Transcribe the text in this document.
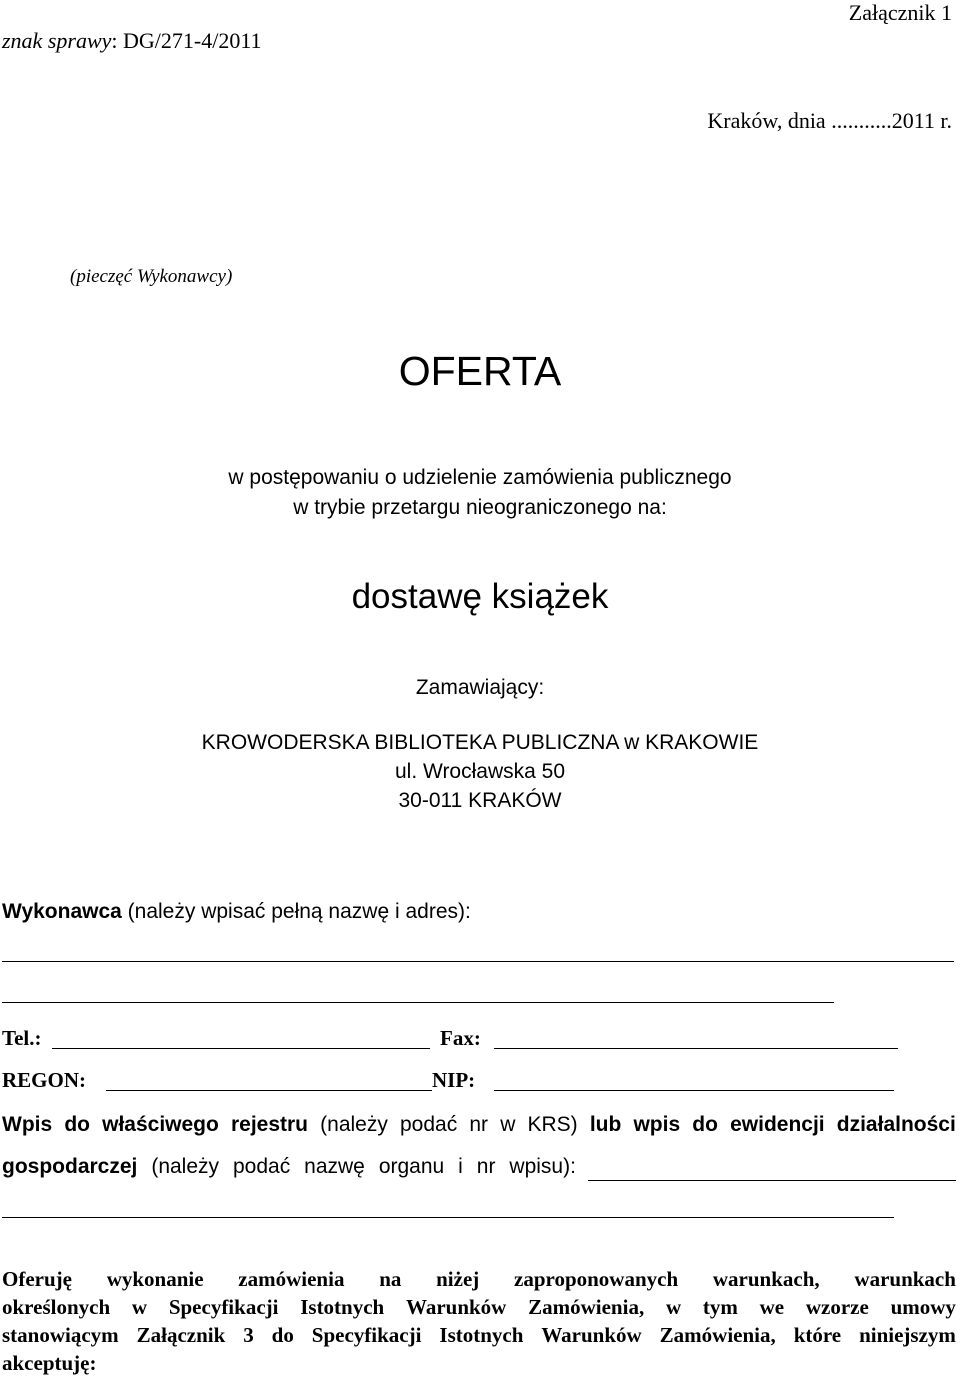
Załącznik 1
znak sprawy: DG/271-4/2011
Kraków, dnia ...........2011 r.
(pieczęć Wykonawcy)
OFERTA
w postępowaniu o udzielenie zamówienia publicznego
w trybie przetargu nieograniczonego na:
dostawę książek
Zamawiający:
KROWODERSKA BIBLIOTEKA PUBLICZNA w KRAKOWIE
ul. Wrocławska 50
30-011 KRAKÓW
Wykonawca (należy wpisać pełną nazwę i adres):
Tel.:	Fax:
REGON:	NIP:
Wpis do właściwego rejestru (należy podać nr w KRS) lub wpis do ewidencji działalności
gospodarczej (należy podać nazwę organu i nr wpisu):
Oferuję wykonanie zamówienia na niżej zaproponowanych warunkach, warunkach
określonych w Specyfikacji Istotnych Warunków Zamówienia, w tym we wzorze umowy
stanowiącym Załącznik 3 do Specyfikacji Istotnych Warunków Zamówienia, które niniejszym
akceptuję:
